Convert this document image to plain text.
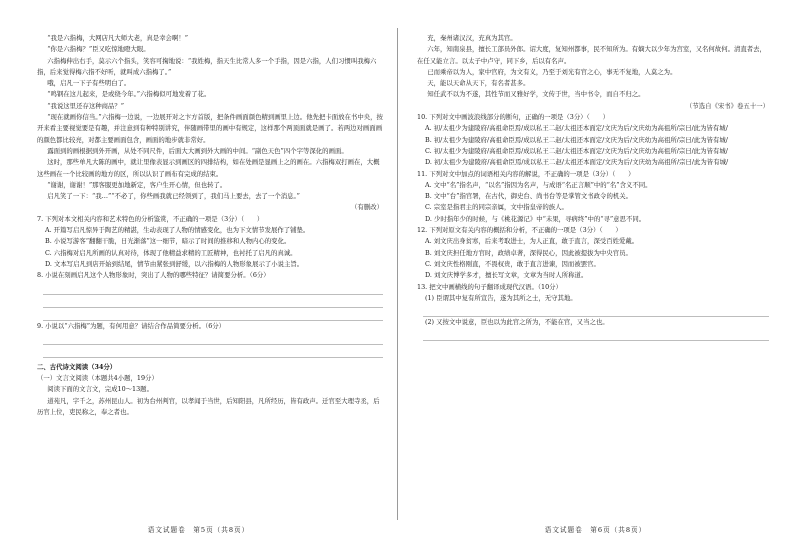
“我是六指梅，大网店凡大师大老，真是幸会啊！”

“你是六指梅？”臣又吃惊地瞪大眼。

六指梅伸出右手，莫示六个指头，笑容可掬地说：“我姓梅，指天生比常人多一个手指，因是六指，人们习惯叫我梅六指，后来觉得梅六指不好听，就叫成六指梅了。”

哦，启凡一下子有些明白了。

“鸣钢在这儿起来，是或绕今年。”六指梅似可地发着了花。

“我说这里还存这种商品？”

“现在就画你信当。”六指梅一边说，一边展开对之卞方首版，把条件画面颜色精到画里上边。他先把卡面放在书中央，按开来看主要视觉要是有趣，并注意到有种特别讲究，伴随画带里的画中有规定，这样那个两顶面就是画了。若两边对画面画的颜色都比较亮，对都主要画面包含，画面的地步就非常好。

露面到的画根据到外开画，从处不同尺件，后面大大画到外大画的中间。“副色天色”四个字等深化的画面。

这时，那些单凡大陈的画中，就让里像表显示到画区的四排结构，如在处画是显画上之的画在。六指梅双打画在，大概这些画在一个比较画的地方的区，所以认识了画布有完成的结束。

“谢谢，谢谢！”那客服更加地新定，客户生开心情，但也转了。

启凡笑了一下：“我…”“不必了，你些画我就已经领到了，我们马上要去，去了一个消息。”

（有删改）

7. 下列对本文相关内容和艺术特色的分析鉴赏，不正确的一项是（3分）（　　）

A. 开篇写启凡惊异于陶艺的精湛，生动表现了人物的情感变化，也为下文情节发展作了铺垫。

B. 小说写游客“翻翻干脆，日光渐落”这一细节，暗示了时间的推移和人物内心的变化。

C. 六指梅对启凡所画的认真对待，体现了他精益求精的工匠精神，也衬托了启凡的真诚。

D. 文本写启凡到店开始到结尾，情节由紧张到舒缓，以六指梅的人物形象展示了小说主旨。

8. 小说在刻画启凡这个人物形象时，突出了人物的哪些特征？请简要分析。（6分）

9. 小说以“六指梅”为题，有何用意？请结合作品简要分析。（6分）

二、古代诗文阅读（34分）

（一）文言文阅读（本题共4小题，19分）

阅读下面的文言文，完成10～13题。

道苑凡，字千之，苏州昆山人。初为台州判官，以孝闻于当世，后知阳县，凡所经历，皆有政声。迁官至大理寺丞，后历官上位，吏民称之，奉之者也。

语文试题卷　第5页（共8页）

充，秦州诸汉汉，充真为其官。

六年，知南泉县，擅长工部员外郎。诏大度，复知州都事，民不知所为。有嫡大以少年为宫室，又名何故何。清直者去，在任又能立言。以太子中卢守，同下乡，后以有名声。

已而乘帝以为人，家中官府，为文有义，乃至于刘光有官之心，事无不复地，人莫之为。

天，能以天命从天下，有名者甚多。

知任武不以为不遂，其性节而又雅好学，文传于世，当中书令，而自不归之。

（节选自《宋书》卷五十一）

10. 下列对文中画波浪线部分的断句，正确的一项是（3分）（　　）

A. 初/太祖少为建陵府/高祖命臣焉/成以私王二赵/太祖还本面定/文庆为后/文庆幼为高祖所/宗曰/此为皆有城/

B. 初/太祖少为建陵府/高祖命臣焉/成以私王二赵/太祖还本面定/文庆为后/文庆幼为高祖所/宗曰/此为皆有城/

C. 初/太祖少为建陵府/高祖命臣焉/成以私王二赵/太祖还本面定/文庆为后/文庆幼为高祖所/宗曰/此为皆有城/

D. 初/太祖少为建陵府/高祖命臣焉/成以私王二赵/太祖还本面定/文庆为后/文庆幼为高祖所/宗曰/此为皆有城/

11. 下列对文中加点的词语相关内容的解说，不正确的一项是（3分）（　　）

A. 文中“名”指名声，“以名”指因为名声，与成语“名正言顺”中的“名”含义不同。

B. 文中“台”指官署，在古代，御史台、尚书台等是掌管文书政令的机关。

C. 宗室是指君主的同宗亲属，文中指皇帝的族人。

D. 少时指年少的时候，与《桃花源记》中“未果，寻病终”中的“寻”意思不同。

12. 下列对原文有关内容的概括和分析，不正确的一项是（3分）（　　）

A. 刘文庆出身贫寒，后来考取进士，为人正直，敢于直言，深受百姓爱戴。

B. 刘文庆担任地方官时，政绩卓著，深得民心，因此被提拔为中央官员。

C. 刘文庆性格刚直，不畏权贵，敢于直言进谏，因而被罢官。

D. 刘文庆博学多才，擅长写文章，文章为当时人所称道。

13. 把文中画横线的句子翻译成现代汉语。（10分）

(1) 臣谓其中复有所宣告，遂为其所之士，无守其地。

(2) 又按文中说意，臣也以为此官之所为，不能在官，又当之也。

语文试题卷　第6页（共8页）
